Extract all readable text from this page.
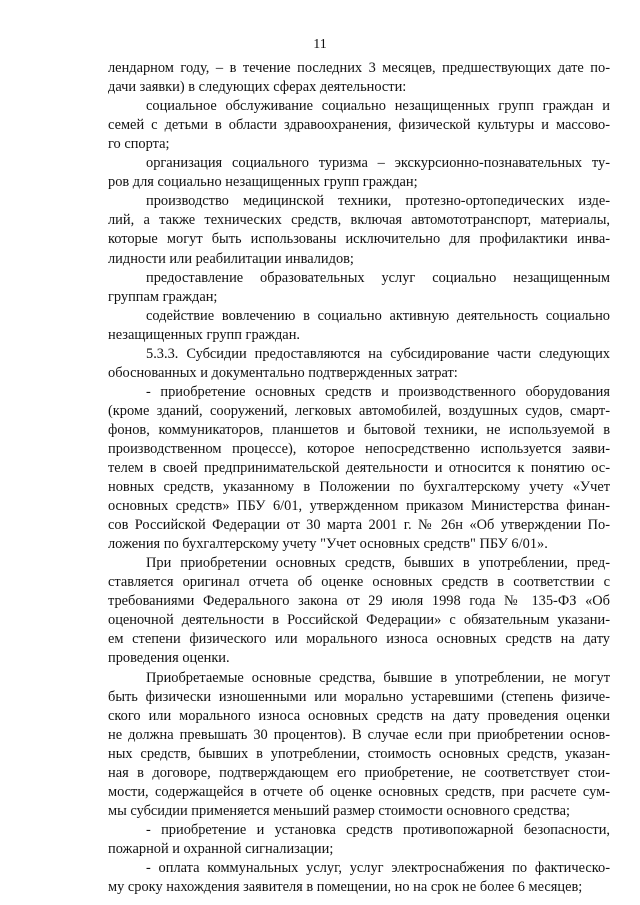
11
лендарном году, – в течение последних 3 месяцев, предшествующих дате по-
дачи заявки) в следующих сферах деятельности:
социальное обслуживание социально незащищенных групп граждан и
семей с детьми в области здравоохранения, физической культуры и массово-
го спорта;
организация социального туризма – экскурсионно-познавательных ту-
ров для социально незащищенных групп граждан;
производство медицинской техники, протезно-ортопедических изде-
лий, а также технических средств, включая автомототранспорт, материалы,
которые могут быть использованы исключительно для профилактики инва-
лидности или реабилитации инвалидов;
предоставление образовательных услуг социально незащищенным
группам граждан;
содействие вовлечению в социально активную деятельность социально
незащищенных групп граждан.
5.3.3. Субсидии предоставляются на субсидирование части следующих
обоснованных и документально подтвержденных затрат:
- приобретение основных средств и производственного оборудования
(кроме зданий, сооружений, легковых автомобилей, воздушных судов, смарт-
фонов, коммуникаторов, планшетов и бытовой техники, не используемой в
производственном процессе), которое непосредственно используется заяви-
телем в своей предпринимательской деятельности и относится к понятию ос-
новных средств, указанному в Положении по бухгалтерскому учету «Учет
основных средств» ПБУ 6/01, утвержденном приказом Министерства финан-
сов Российской Федерации от 30 марта 2001 г. № 26н «Об утверждении По-
ложения по бухгалтерскому учету "Учет основных средств" ПБУ 6/01».
При приобретении основных средств, бывших в употреблении, пред-
ставляется оригинал отчета об оценке основных средств в соответствии с
требованиями Федерального закона от 29 июля 1998 года № 135-ФЗ «Об
оценочной деятельности в Российской Федерации» с обязательным указани-
ем степени физического или морального износа основных средств на дату
проведения оценки.
Приобретаемые основные средства, бывшие в употреблении, не могут
быть физически изношенными или морально устаревшими (степень физиче-
ского или морального износа основных средств на дату проведения оценки
не должна превышать 30 процентов). В случае если при приобретении основ-
ных средств, бывших в употреблении, стоимость основных средств, указан-
ная в договоре, подтверждающем его приобретение, не соответствует стои-
мости, содержащейся в отчете об оценке основных средств, при расчете сум-
мы субсидии применяется меньший размер стоимости основного средства;
- приобретение и установка средств противопожарной безопасности,
пожарной и охранной сигнализации;
- оплата коммунальных услуг, услуг электроснабжения по фактическо-
му сроку нахождения заявителя в помещении, но на срок не более 6 месяцев;
